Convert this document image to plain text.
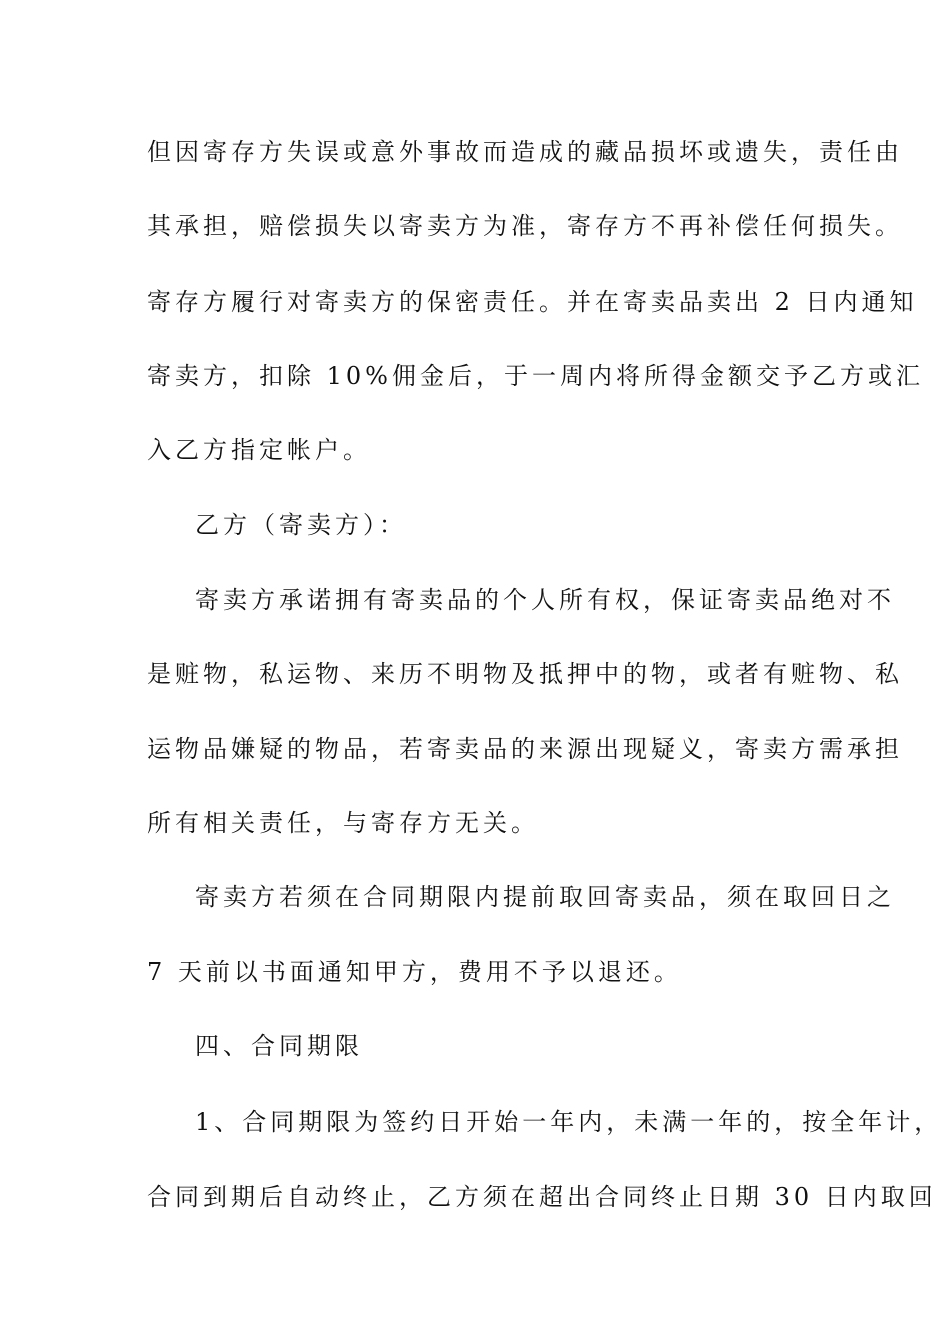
但因寄存方失误或意外事故而造成的藏品损坏或遗失，责任由
其承担，赔偿损失以寄卖方为准，寄存方不再补偿任何损失。
寄存方履行对寄卖方的保密责任。并在寄卖品卖出 2 日内通知
寄卖方，扣除 10%佣金后，于一周内将所得金额交予乙方或汇
入乙方指定帐户。
乙方（寄卖方）：
寄卖方承诺拥有寄卖品的个人所有权，保证寄卖品绝对不
是赃物，私运物、来历不明物及抵押中的物，或者有赃物、私
运物品嫌疑的物品，若寄卖品的来源出现疑义，寄卖方需承担
所有相关责任，与寄存方无关。
寄卖方若须在合同期限内提前取回寄卖品，须在取回日之
7 天前以书面通知甲方，费用不予以退还。
四、合同期限
1、合同期限为签约日开始一年内，未满一年的，按全年计，
合同到期后自动终止，乙方须在超出合同终止日期 30 日内取回
